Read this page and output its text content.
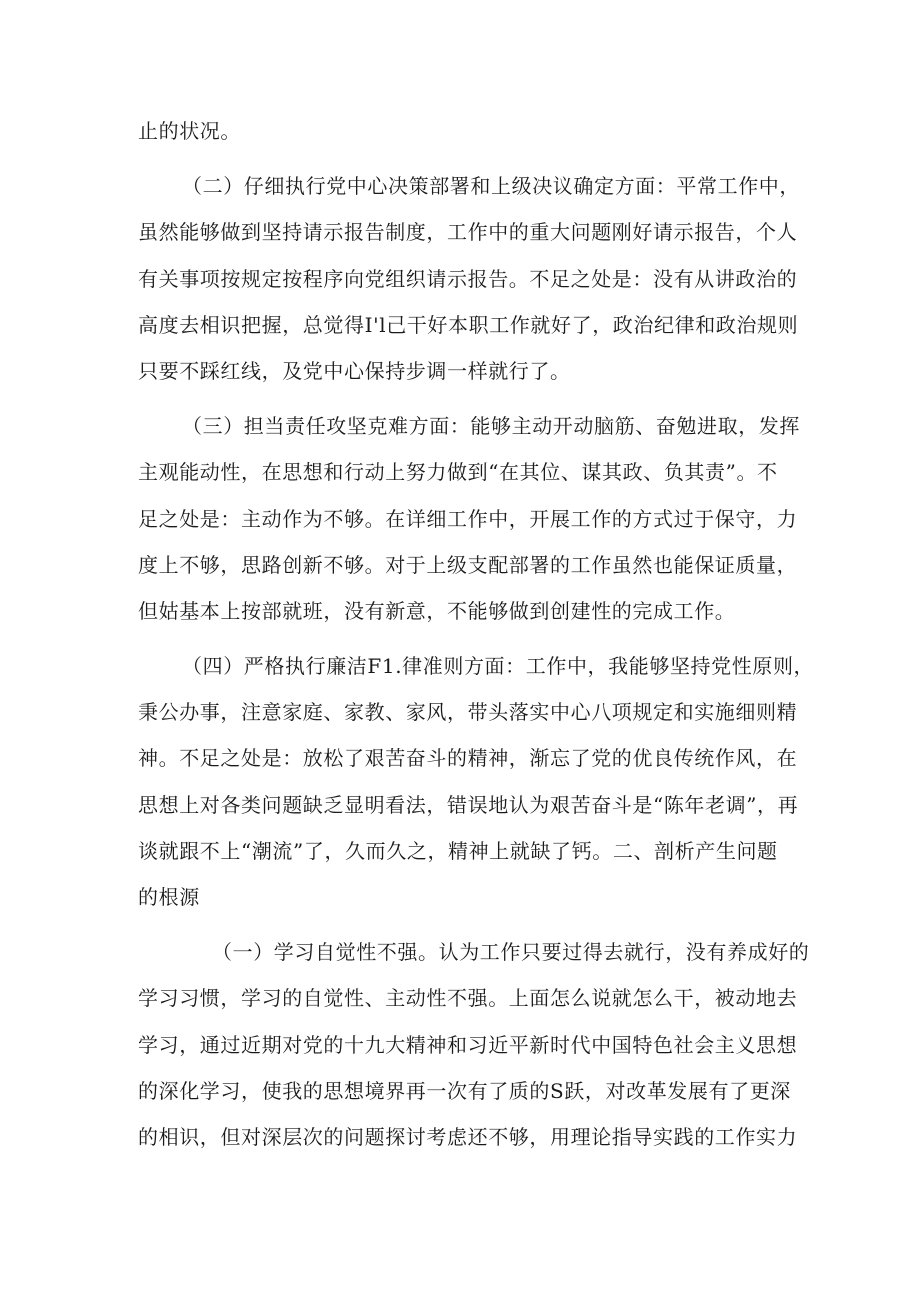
止的状况。
（二）仔细执行党中心决策部署和上级决议确定方面：平常工作中，
虽然能够做到坚持请示报告制度，工作中的重大问题刚好请示报告，个人
有关事项按规定按程序向党组织请示报告。不足之处是：没有从讲政治的
高度去相识把握，总觉得I'l己干好本职工作就好了，政治纪律和政治规则
只要不踩红线，及党中心保持步调一样就行了。
（三）担当责任攻坚克难方面：能够主动开动脑筋、奋勉进取，发挥
主观能动性，在思想和行动上努力做到“在其位、谋其政、负其责”。不
足之处是：主动作为不够。在详细工作中，开展工作的方式过于保守，力
度上不够，思路创新不够。对于上级支配部署的工作虽然也能保证质量，
但姑基本上按部就班，没有新意，不能够做到创建性的完成工作。
（四）严格执行廉洁F1.律准则方面：工作中，我能够坚持党性原则，
秉公办事，注意家庭、家教、家风，带头落实中心八项规定和实施细则精
神。不足之处是：放松了艰苦奋斗的精神，渐忘了党的优良传统作风，在
思想上对各类问题缺乏显明看法，错误地认为艰苦奋斗是“陈年老调”，再
谈就跟不上“潮流”了，久而久之，精神上就缺了钙。二、剖析产生问题
的根源
（一）学习自觉性不强。认为工作只要过得去就行，没有养成好的
学习习惯，学习的自觉性、主动性不强。上面怎么说就怎么干，被动地去
学习，通过近期对党的十九大精神和习近平新时代中国特色社会主义思想
的深化学习，使我的思想境界再一次有了质的S跃，对改革发展有了更深
的相识，但对深层次的问题探讨考虑还不够，用理论指导实践的工作实力
